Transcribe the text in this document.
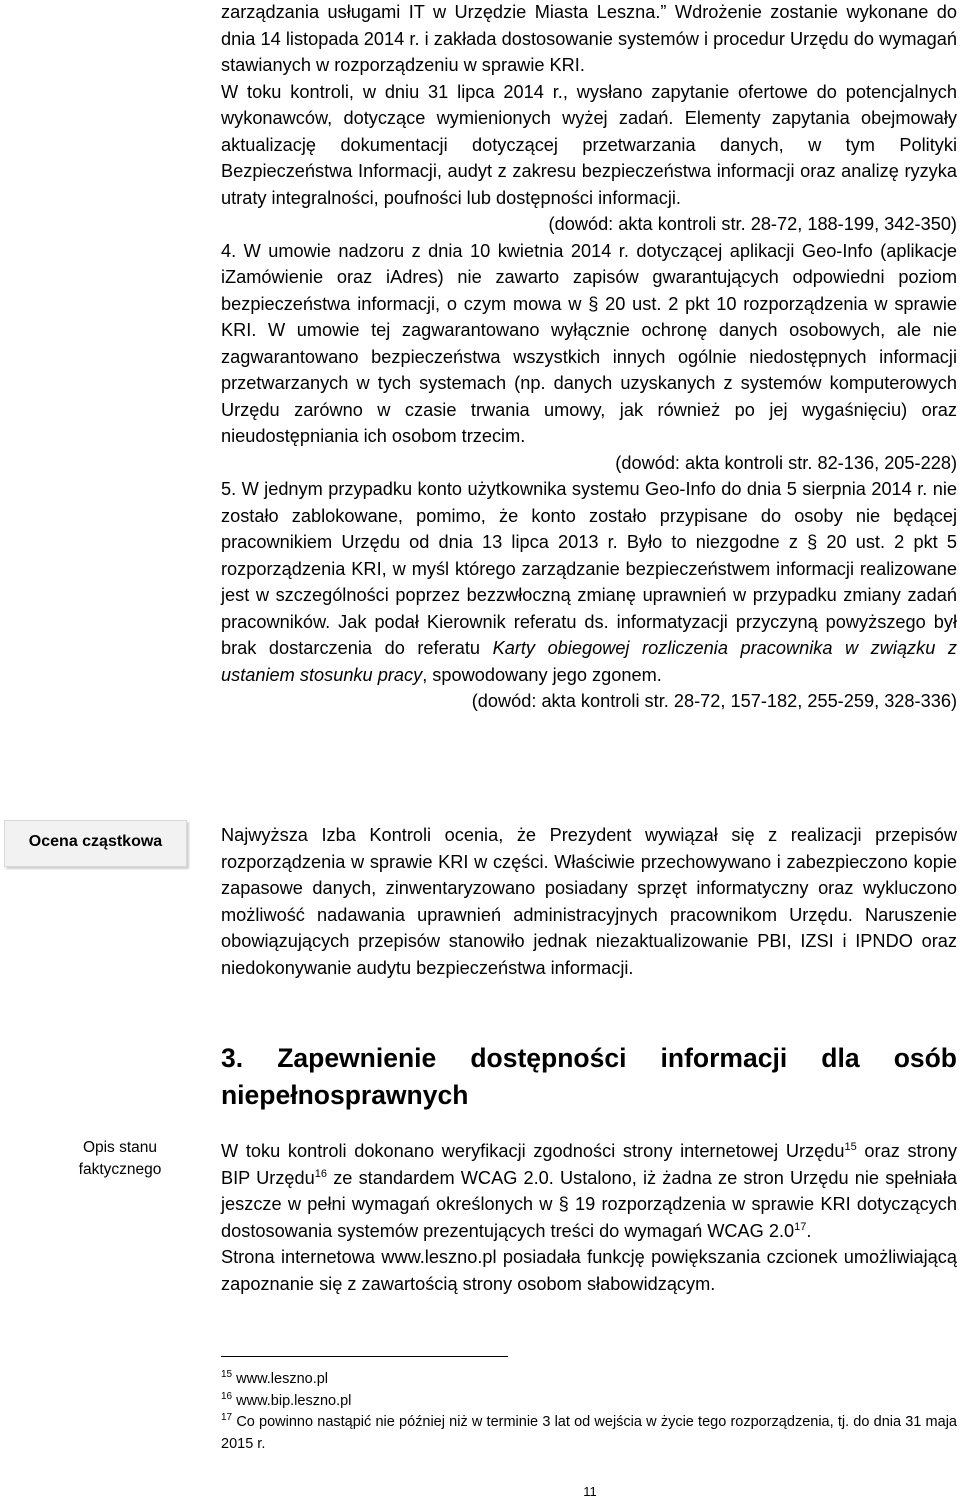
zarządzania usługami IT w Urzędzie Miasta Leszna.” Wdrożenie zostanie wykonane do dnia 14 listopada 2014 r. i zakłada dostosowanie systemów i procedur Urzędu do wymagań stawianych w rozporządzeniu w sprawie KRI.

W toku kontroli, w dniu 31 lipca 2014 r., wysłano zapytanie ofertowe do potencjalnych wykonawców, dotyczące wymienionych wyżej zadań. Elementy zapytania obejmowały aktualizację dokumentacji dotyczącej przetwarzania danych, w tym Polityki Bezpieczeństwa Informacji, audyt z zakresu bezpieczeństwa informacji oraz analizę ryzyka utraty integralności, poufności lub dostępności informacji.

(dowód: akta kontroli str. 28-72, 188-199, 342-350)

4. W umowie nadzoru z dnia 10 kwietnia 2014 r. dotyczącej aplikacji Geo-Info (aplikacje iZamówienie oraz iAdres) nie zawarto zapisów gwarantujących odpowiedni poziom bezpieczeństwa informacji, o czym mowa w § 20 ust. 2 pkt 10 rozporządzenia w sprawie KRI. W umowie tej zagwarantowano wyłącznie ochronę danych osobowych, ale nie zagwarantowano bezpieczeństwa wszystkich innych ogólnie niedostępnych informacji przetwarzanych w tych systemach (np. danych uzyskanych z systemów komputerowych Urzędu zarówno w czasie trwania umowy, jak również po jej wygaśnięciu) oraz nieudostępniania ich osobom trzecim.

(dowód: akta kontroli str. 82-136, 205-228)

5. W jednym przypadku konto użytkownika systemu Geo-Info do dnia 5 sierpnia 2014 r. nie zostało zablokowane, pomimo, że konto zostało przypisane do osoby nie będącej pracownikiem Urzędu od dnia 13 lipca 2013 r. Było to niezgodne z § 20 ust. 2 pkt 5 rozporządzenia KRI, w myśl którego zarządzanie bezpieczeństwem informacji realizowane jest w szczególności poprzez bezzwłoczną zmianę uprawnień w przypadku zmiany zadań pracowników. Jak podał Kierownik referatu ds. informatyzacji przyczyną powyższego był brak dostarczenia do referatu Karty obiegowej rozliczenia pracownika w związku z ustaniem stosunku pracy, spowodowany jego zgonem.

(dowód: akta kontroli str. 28-72, 157-182, 255-259, 328-336)

Ocena cząstkowa	Najwyższa Izba Kontroli ocenia, że Prezydent wywiązał się z realizacji przepisów rozporządzenia w sprawie KRI w części. Właściwie przechowywano i zabezpieczono kopie zapasowe danych, zinwentaryzowano posiadany sprzęt informatyczny oraz wykluczono możliwość nadawania uprawnień administracyjnych pracownikom Urzędu. Naruszenie obowiązujących przepisów stanowiło jednak niezaktualizowanie PBI, IZSI i IPNDO oraz niedokonywanie audytu bezpieczeństwa informacji.

3. Zapewnienie dostępności informacji dla osób
niepełnosprawnych
Opis stanu faktycznego

W toku kontroli dokonano weryfikacji zgodności strony internetowej Urzędu$^{15}$ oraz strony BIP Urzędu$^{16}$ ze standardem WCAG 2.0. Ustalono, iż żadna ze stron Urzędu nie spełniała jeszcze w pełni wymagań określonych w § 19 rozporządzenia w sprawie KRI dotyczących dostosowania systemów prezentujących treści do wymagań WCAG $2.0^{17}$.

Strona internetowa www.leszno.pl posiadała funkcję powiększania czcionek umożliwiającą zapoznanie się z zawartością strony osobom słabowidzącym.

$^{15}$ www.leszno.pl

$^{16}$ www.bip.leszno.pl

$^{17}$ Co powinno nastąpić nie później niż w terminie 3 lat od wejścia w życie tego rozporządzenia, tj. do dnia 31 maja 2015 r.

11
